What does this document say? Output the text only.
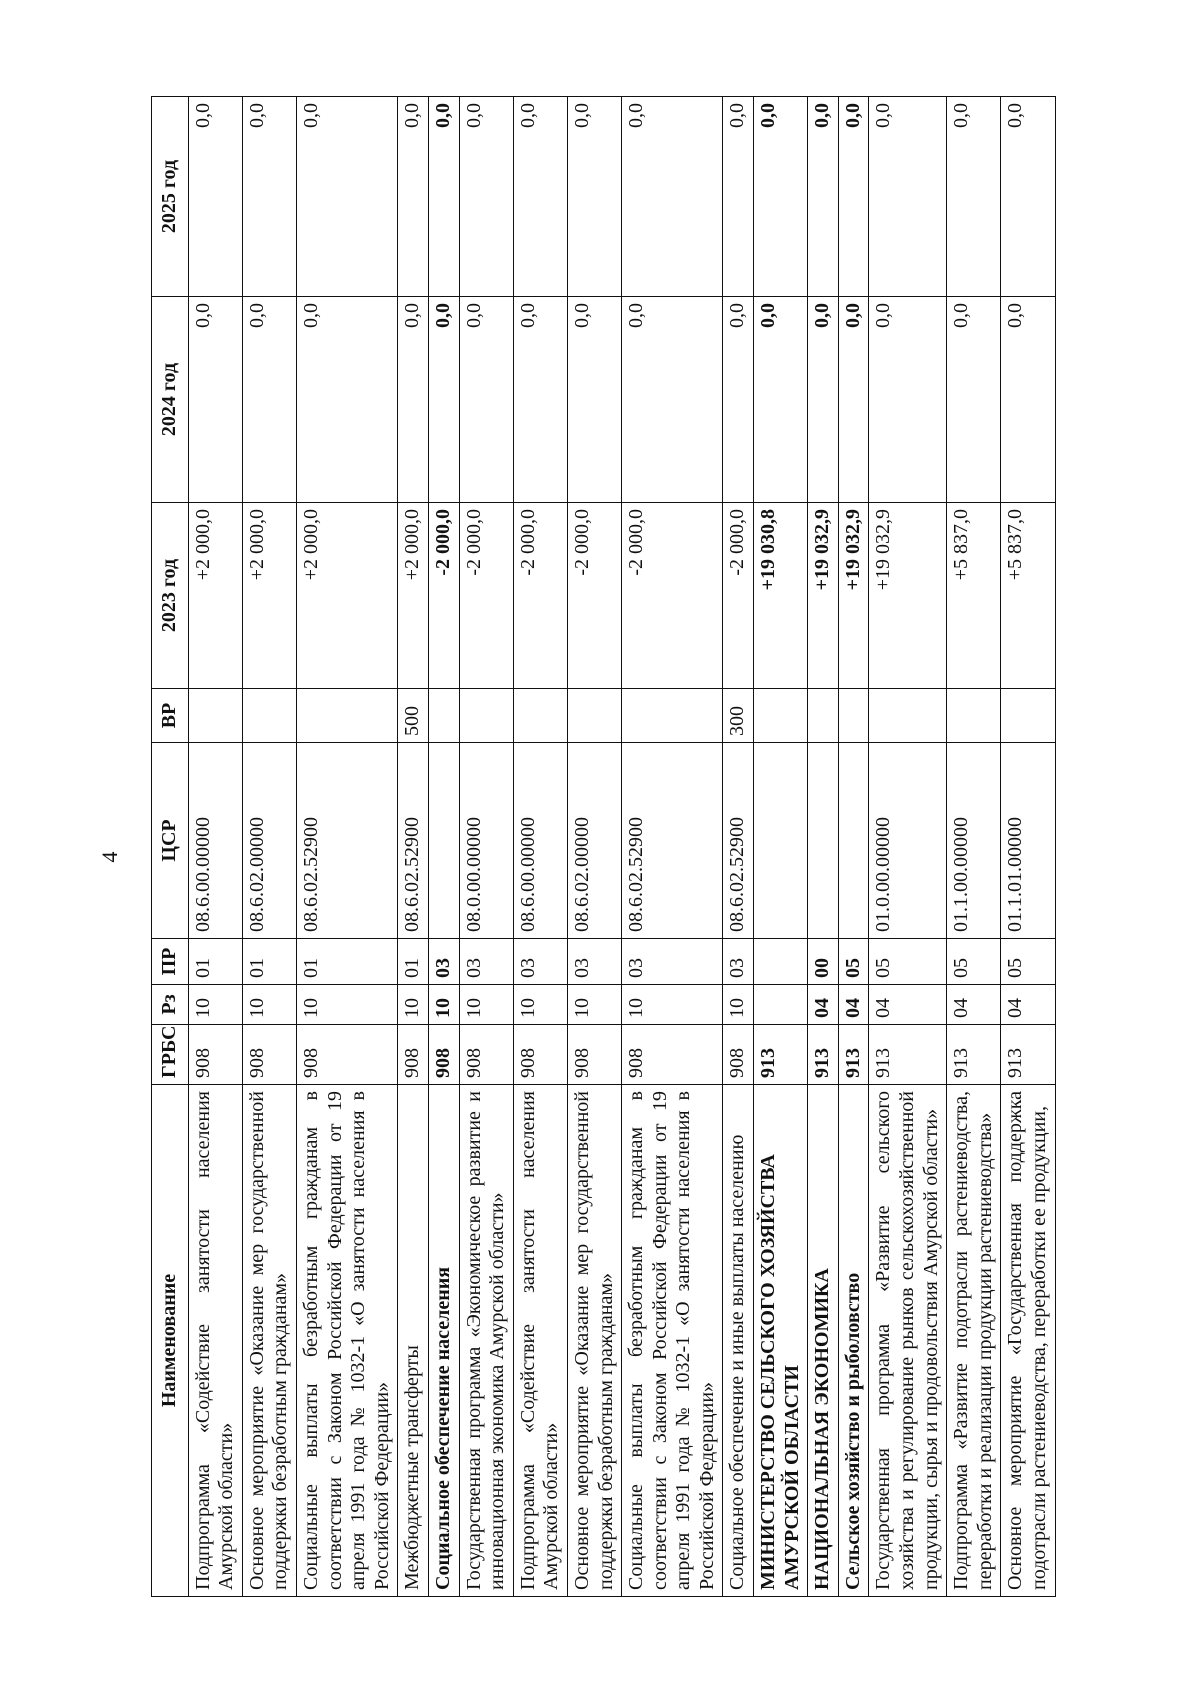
4
Наименование	ГРБС	Рз	ПР	ЦСР	ВР	2023 год	2024 год	2025 год
Подпрограмма «Содействие занятости населения Амурской области»	908	10	01	08.6.00.00000		+2 000,0	0,0	0,0
Основное мероприятие «Оказание мер государственной поддержки безработным гражданам»	908	10	01	08.6.02.00000		+2 000,0	0,0	0,0
Социальные выплаты безработным гражданам в соответствии с Законом Российской Федерации от 19 апреля 1991 года № 1032-1 «О занятости населения в Российской Федерации»	908	10	01	08.6.02.52900		+2 000,0	0,0	0,0
Межбюджетные трансферты	908	10	01	08.6.02.52900	500	+2 000,0	0,0	0,0
Социальное обеспечение населения	908	10	03			-2 000,0	0,0	0,0
Государственная программа «Экономическое развитие и инновационная экономика Амурской области»	908	10	03	08.0.00.00000		-2 000,0	0,0	0,0
Подпрограмма «Содействие занятости населения Амурской области»	908	10	03	08.6.00.00000		-2 000,0	0,0	0,0
Основное мероприятие «Оказание мер государственной поддержки безработным гражданам»	908	10	03	08.6.02.00000		-2 000,0	0,0	0,0
Социальные выплаты безработным гражданам в соответствии с Законом Российской Федерации от 19 апреля 1991 года № 1032-1 «О занятости населения в Российской Федерации»	908	10	03	08.6.02.52900		-2 000,0	0,0	0,0
Социальное обеспечение и иные выплаты населению	908	10	03	08.6.02.52900	300	-2 000,0	0,0	0,0
МИНИСТЕРСТВО СЕЛЬСКОГО ХОЗЯЙСТВА АМУРСКОЙ ОБЛАСТИ	913					+19 030,8	0,0	0,0
НАЦИОНАЛЬНАЯ ЭКОНОМИКА	913	04	00			+19 032,9	0,0	0,0
Сельское хозяйство и рыболовство	913	04	05			+19 032,9	0,0	0,0
Государственная программа «Развитие сельского хозяйства и регулирование рынков сельскохозяйственной продукции, сырья и продовольствия Амурской области»	913	04	05	01.0.00.00000		+19 032,9	0,0	0,0
Подпрограмма «Развитие подотрасли растениеводства, переработки и реализации продукции растениеводства»	913	04	05	01.1.00.00000		+5 837,0	0,0	0,0
Основное мероприятие «Государственная поддержка подотрасли растениеводства, переработки ее продукции,	913	04	05	01.1.01.00000		+5 837,0	0,0	0,0
